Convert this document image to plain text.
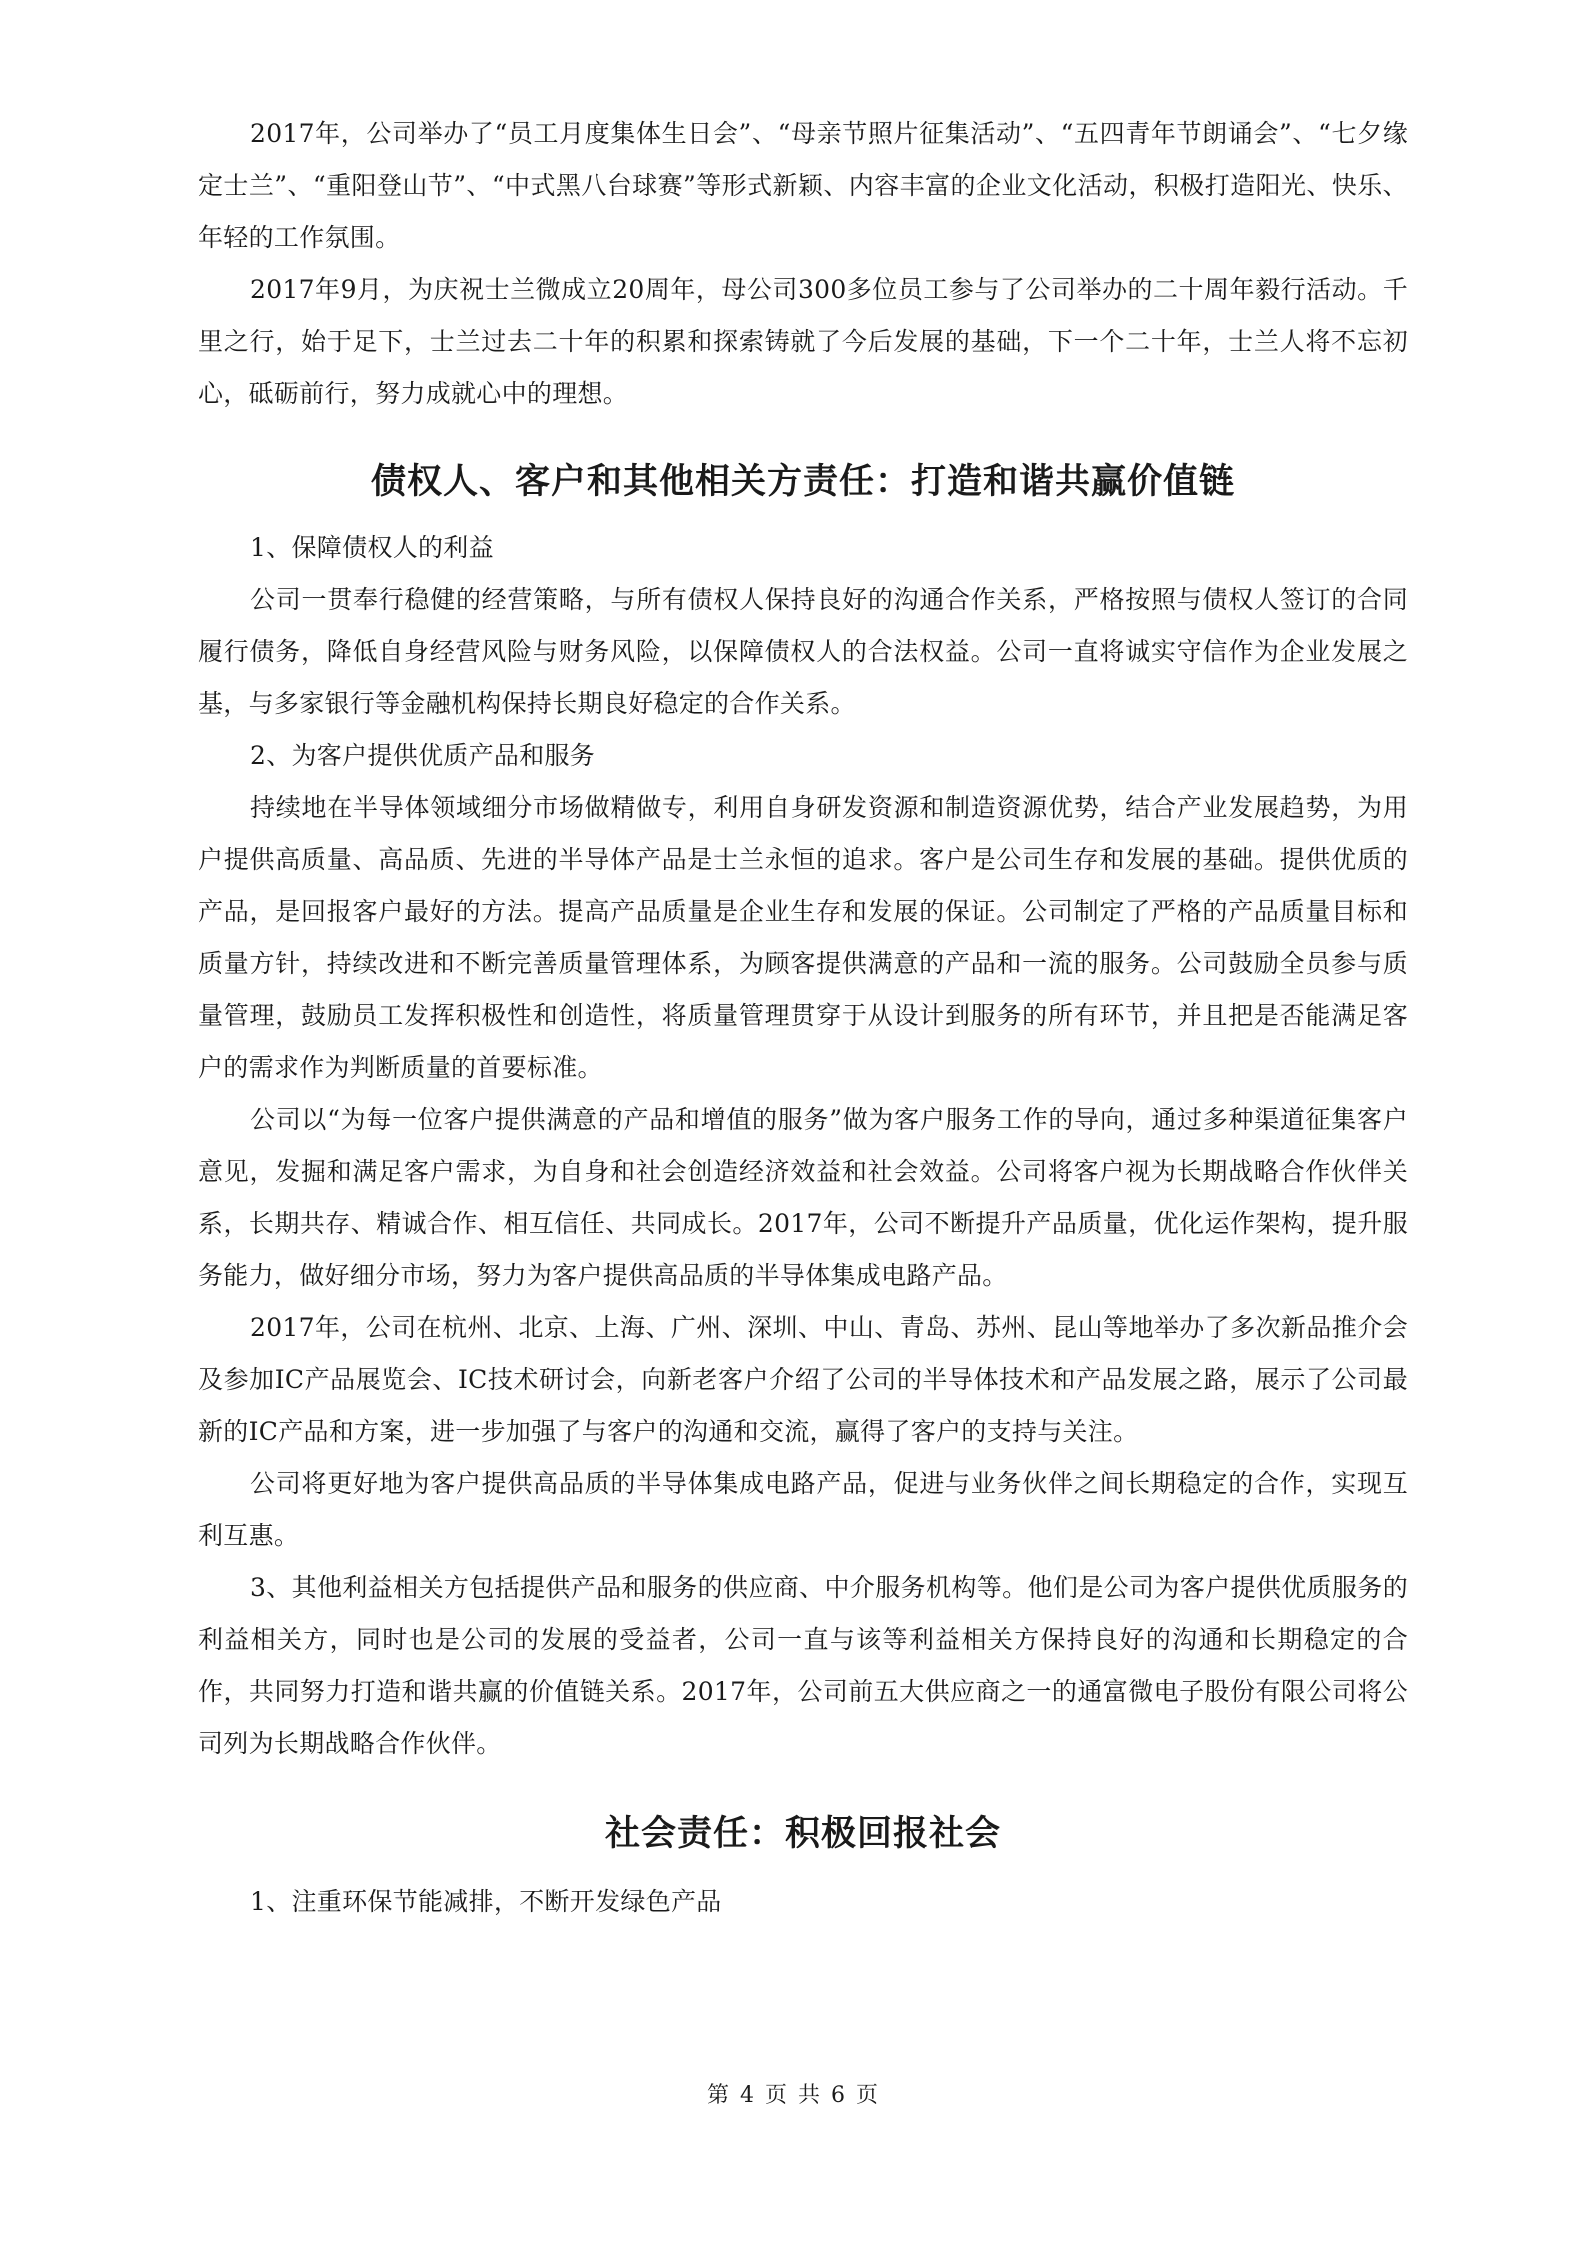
2017年，公司举办了“员工月度集体生日会”、“母亲节照片征集活动”、“五四青年节朗诵会”、“七夕缘定士兰”、“重阳登山节”、“中式黑八台球赛”等形式新颖、内容丰富的企业文化活动，积极打造阳光、快乐、年轻的工作氛围。

2017年9月，为庆祝士兰微成立20周年，母公司300多位员工参与了公司举办的二十周年毅行活动。千里之行，始于足下，士兰过去二十年的积累和探索铸就了今后发展的基础，下一个二十年，士兰人将不忘初心，砥砺前行，努力成就心中的理想。

债权人、客户和其他相关方责任：打造和谐共赢价值链

1、保障债权人的利益

公司一贯奉行稳健的经营策略，与所有债权人保持良好的沟通合作关系，严格按照与债权人签订的合同履行债务，降低自身经营风险与财务风险，以保障债权人的合法权益。公司一直将诚实守信作为企业发展之基，与多家银行等金融机构保持长期良好稳定的合作关系。

2、为客户提供优质产品和服务

持续地在半导体领域细分市场做精做专，利用自身研发资源和制造资源优势，结合产业发展趋势，为用户提供高质量、高品质、先进的半导体产品是士兰永恒的追求。客户是公司生存和发展的基础。提供优质的产品，是回报客户最好的方法。提高产品质量是企业生存和发展的保证。公司制定了严格的产品质量目标和质量方针，持续改进和不断完善质量管理体系，为顾客提供满意的产品和一流的服务。公司鼓励全员参与质量管理，鼓励员工发挥积极性和创造性，将质量管理贯穿于从设计到服务的所有环节，并且把是否能满足客户的需求作为判断质量的首要标准。

公司以“为每一位客户提供满意的产品和增值的服务”做为客户服务工作的导向，通过多种渠道征集客户意见，发掘和满足客户需求，为自身和社会创造经济效益和社会效益。公司将客户视为长期战略合作伙伴关系，长期共存、精诚合作、相互信任、共同成长。2017年，公司不断提升产品质量，优化运作架构，提升服务能力，做好细分市场，努力为客户提供高品质的半导体集成电路产品。

2017年，公司在杭州、北京、上海、广州、深圳、中山、青岛、苏州、昆山等地举办了多次新品推介会及参加IC产品展览会、IC技术研讨会，向新老客户介绍了公司的半导体技术和产品发展之路，展示了公司最新的IC产品和方案，进一步加强了与客户的沟通和交流，赢得了客户的支持与关注。

公司将更好地为客户提供高品质的半导体集成电路产品，促进与业务伙伴之间长期稳定的合作，实现互利互惠。

3、其他利益相关方包括提供产品和服务的供应商、中介服务机构等。他们是公司为客户提供优质服务的利益相关方，同时也是公司的发展的受益者，公司一直与该等利益相关方保持良好的沟通和长期稳定的合作，共同努力打造和谐共赢的价值链关系。2017年，公司前五大供应商之一的通富微电子股份有限公司将公司列为长期战略合作伙伴。

社会责任：积极回报社会

1、注重环保节能减排，不断开发绿色产品

第 4 页 共 6 页
